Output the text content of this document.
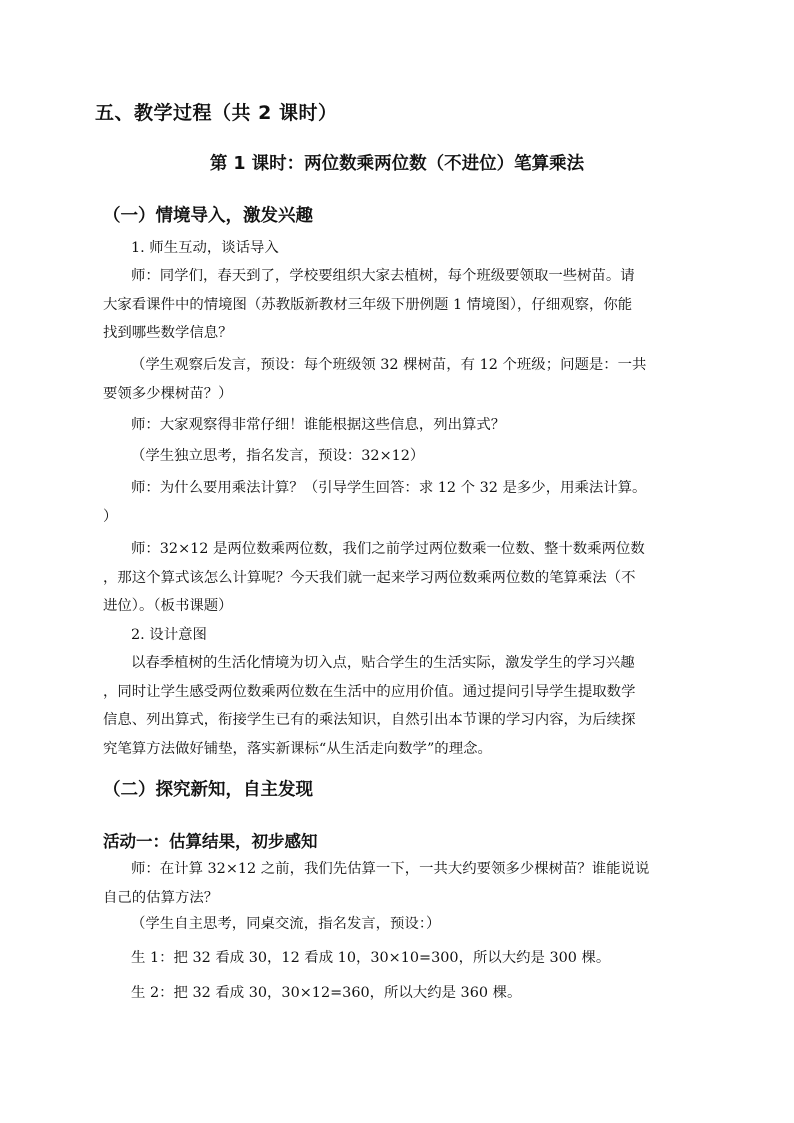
五、教学过程（共 2 课时）
第 1 课时：两位数乘两位数（不进位）笔算乘法
（一）情境导入，激发兴趣
1. 师生互动，谈话导入
师：同学们，春天到了，学校要组织大家去植树，每个班级要领取一些树苗。请
大家看课件中的情境图（苏教版新教材三年级下册例题 1 情境图），仔细观察，你能
找到哪些数学信息？
（学生观察后发言，预设：每个班级领 32 棵树苗，有 12 个班级；问题是：一共
要领多少棵树苗？）
师：大家观察得非常仔细！谁能根据这些信息，列出算式？
（学生独立思考，指名发言，预设：32×12）
师：为什么要用乘法计算？（引导学生回答：求 12 个 32 是多少，用乘法计算。
）
师：32×12 是两位数乘两位数，我们之前学过两位数乘一位数、整十数乘两位数
，那这个算式该怎么计算呢？今天我们就一起来学习两位数乘两位数的笔算乘法（不
进位）。（板书课题）
2. 设计意图
以春季植树的生活化情境为切入点，贴合学生的生活实际，激发学生的学习兴趣
，同时让学生感受两位数乘两位数在生活中的应用价值。通过提问引导学生提取数学
信息、列出算式，衔接学生已有的乘法知识，自然引出本节课的学习内容，为后续探
究笔算方法做好铺垫，落实新课标“从生活走向数学”的理念。
（二）探究新知，自主发现
活动一：估算结果，初步感知
师：在计算 32×12 之前，我们先估算一下，一共大约要领多少棵树苗？谁能说说
自己的估算方法？
（学生自主思考，同桌交流，指名发言，预设：）
生 1：把 32 看成 30，12 看成 10，30×10=300，所以大约是 300 棵。
生 2：把 32 看成 30，30×12=360，所以大约是 360 棵。
